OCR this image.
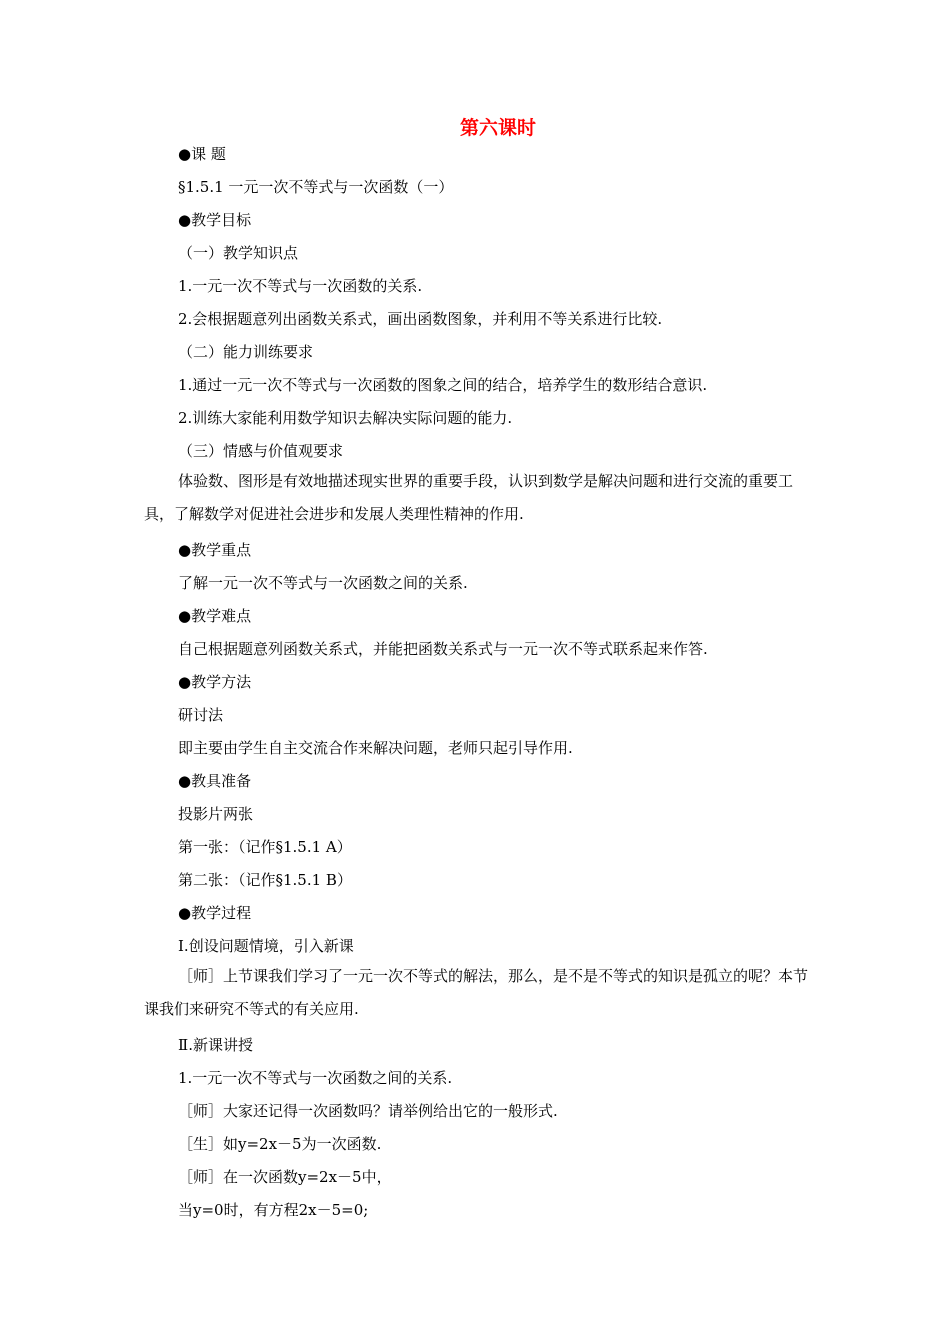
第六课时
●课 题
§1.5.1 一元一次不等式与一次函数（一）
●教学目标
（一）教学知识点
1.一元一次不等式与一次函数的关系.
2.会根据题意列出函数关系式，画出函数图象，并利用不等关系进行比较.
（二）能力训练要求
1.通过一元一次不等式与一次函数的图象之间的结合，培养学生的数形结合意识.
2.训练大家能利用数学知识去解决实际问题的能力.
（三）情感与价值观要求
体验数、图形是有效地描述现实世界的重要手段，认识到数学是解决问题和进行交流的重要工具，了解数学对促进社会进步和发展人类理性精神的作用.
●教学重点
了解一元一次不等式与一次函数之间的关系.
●教学难点
自己根据题意列函数关系式，并能把函数关系式与一元一次不等式联系起来作答.
●教学方法
研讨法
即主要由学生自主交流合作来解决问题，老师只起引导作用.
●教具准备
投影片两张
第一张：（记作§1.5.1 A）
第二张：（记作§1.5.1 B）
●教学过程
Ⅰ.创设问题情境，引入新课
［师］上节课我们学习了一元一次不等式的解法，那么，是不是不等式的知识是孤立的呢？本节课我们来研究不等式的有关应用.
Ⅱ.新课讲授
1.一元一次不等式与一次函数之间的关系.
［师］大家还记得一次函数吗？请举例给出它的一般形式.
［生］如y=2x－5为一次函数.
［师］在一次函数y=2x－5中，
当y=0时，有方程2x－5=0;
